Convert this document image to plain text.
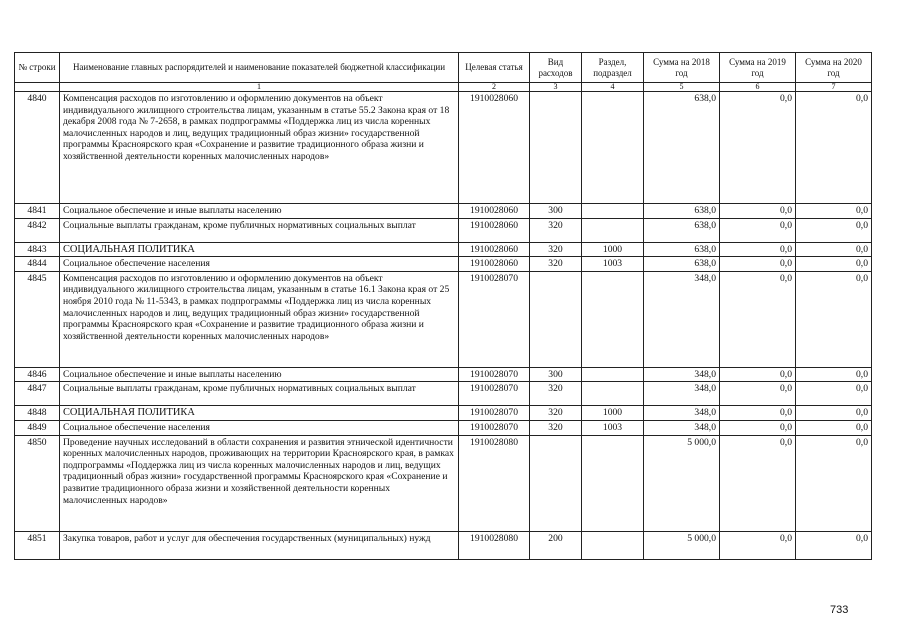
№ строки	Наименование главных распорядителей и наименование показателей бюджетной классификации	Целевая статья	Вид расходов	Раздел, подраздел	Сумма на 2018 год	Сумма на 2019 год	Сумма на 2020 год
	1	2	3	4	5	6	7
4840	Компенсация расходов по изготовлению и оформлению документов на объект индивидуального жилищного строительства лицам, указанным в статье 55.2 Закона края от 18 декабря 2008 года № 7-2658, в рамках подпрограммы «Поддержка лиц из числа коренных малочисленных народов и лиц, ведущих традиционный образ жизни» государственной программы Красноярского края «Сохранение и развитие традиционного образа жизни и хозяйственной деятельности коренных малочисленных народов»	1910028060			638,0	0,0	0,0
4841	Социальное обеспечение и иные выплаты населению	1910028060	300		638,0	0,0	0,0
4842	Социальные выплаты гражданам, кроме публичных нормативных социальных выплат	1910028060	320		638,0	0,0	0,0
4843	СОЦИАЛЬНАЯ ПОЛИТИКА	1910028060	320	1000	638,0	0,0	0,0
4844	Социальное обеспечение населения	1910028060	320	1003	638,0	0,0	0,0
4845	Компенсация расходов по изготовлению и оформлению документов на объект индивидуального жилищного строительства лицам, указанным в статье 16.1 Закона края от 25 ноября 2010 года № 11-5343, в рамках подпрограммы «Поддержка лиц из числа коренных малочисленных народов и лиц, ведущих традиционный образ жизни» государственной программы Красноярского края «Сохранение и развитие традиционного образа жизни и хозяйственной деятельности коренных малочисленных народов»	1910028070			348,0	0,0	0,0
4846	Социальное обеспечение и иные выплаты населению	1910028070	300		348,0	0,0	0,0
4847	Социальные выплаты гражданам, кроме публичных нормативных социальных выплат	1910028070	320		348,0	0,0	0,0
4848	СОЦИАЛЬНАЯ ПОЛИТИКА	1910028070	320	1000	348,0	0,0	0,0
4849	Социальное обеспечение населения	1910028070	320	1003	348,0	0,0	0,0
4850	Проведение научных исследований в области сохранения и развития этнической идентичности коренных малочисленных народов, проживающих на территории Красноярского края, в рамках подпрограммы «Поддержка лиц из числа коренных малочисленных народов и лиц, ведущих традиционный образ жизни» государственной программы Красноярского края «Сохранение и развитие традиционного образа жизни и хозяйственной деятельности коренных малочисленных народов»	1910028080			5 000,0	0,0	0,0
4851	Закупка товаров, работ и услуг для обеспечения государственных (муниципальных) нужд	1910028080	200		5 000,0	0,0	0,0
733
